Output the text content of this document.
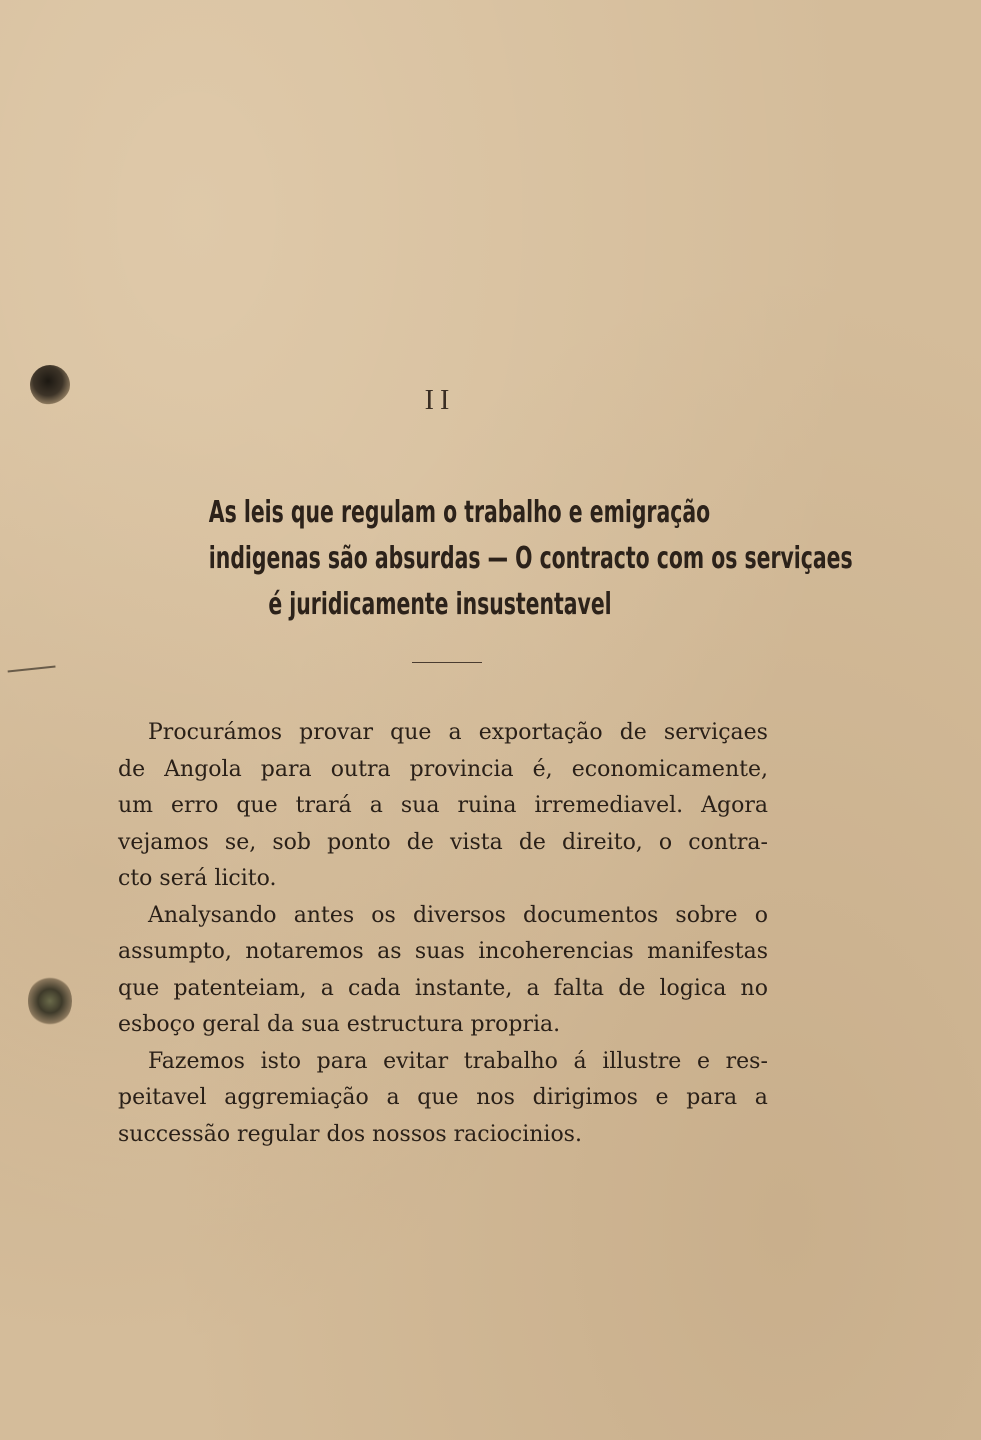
II
As leis que regulam o trabalho e emigração
indigenas são absurdas — O contracto com os serviçaes
é juridicamente insustentavel
Procurámos provar que a exportação de serviçaes
de Angola para outra provincia é, economicamente,
um erro que trará a sua ruina irremediavel. Agora
vejamos se, sob ponto de vista de direito, o contra-
cto será licito.
Analysando antes os diversos documentos sobre o
assumpto, notaremos as suas incoherencias manifestas
que patenteiam, a cada instante, a falta de logica no
esboço geral da sua estructura propria.
Fazemos isto para evitar trabalho á illustre e res-
peitavel aggremiação a que nos dirigimos e para a
successão regular dos nossos raciocinios.
